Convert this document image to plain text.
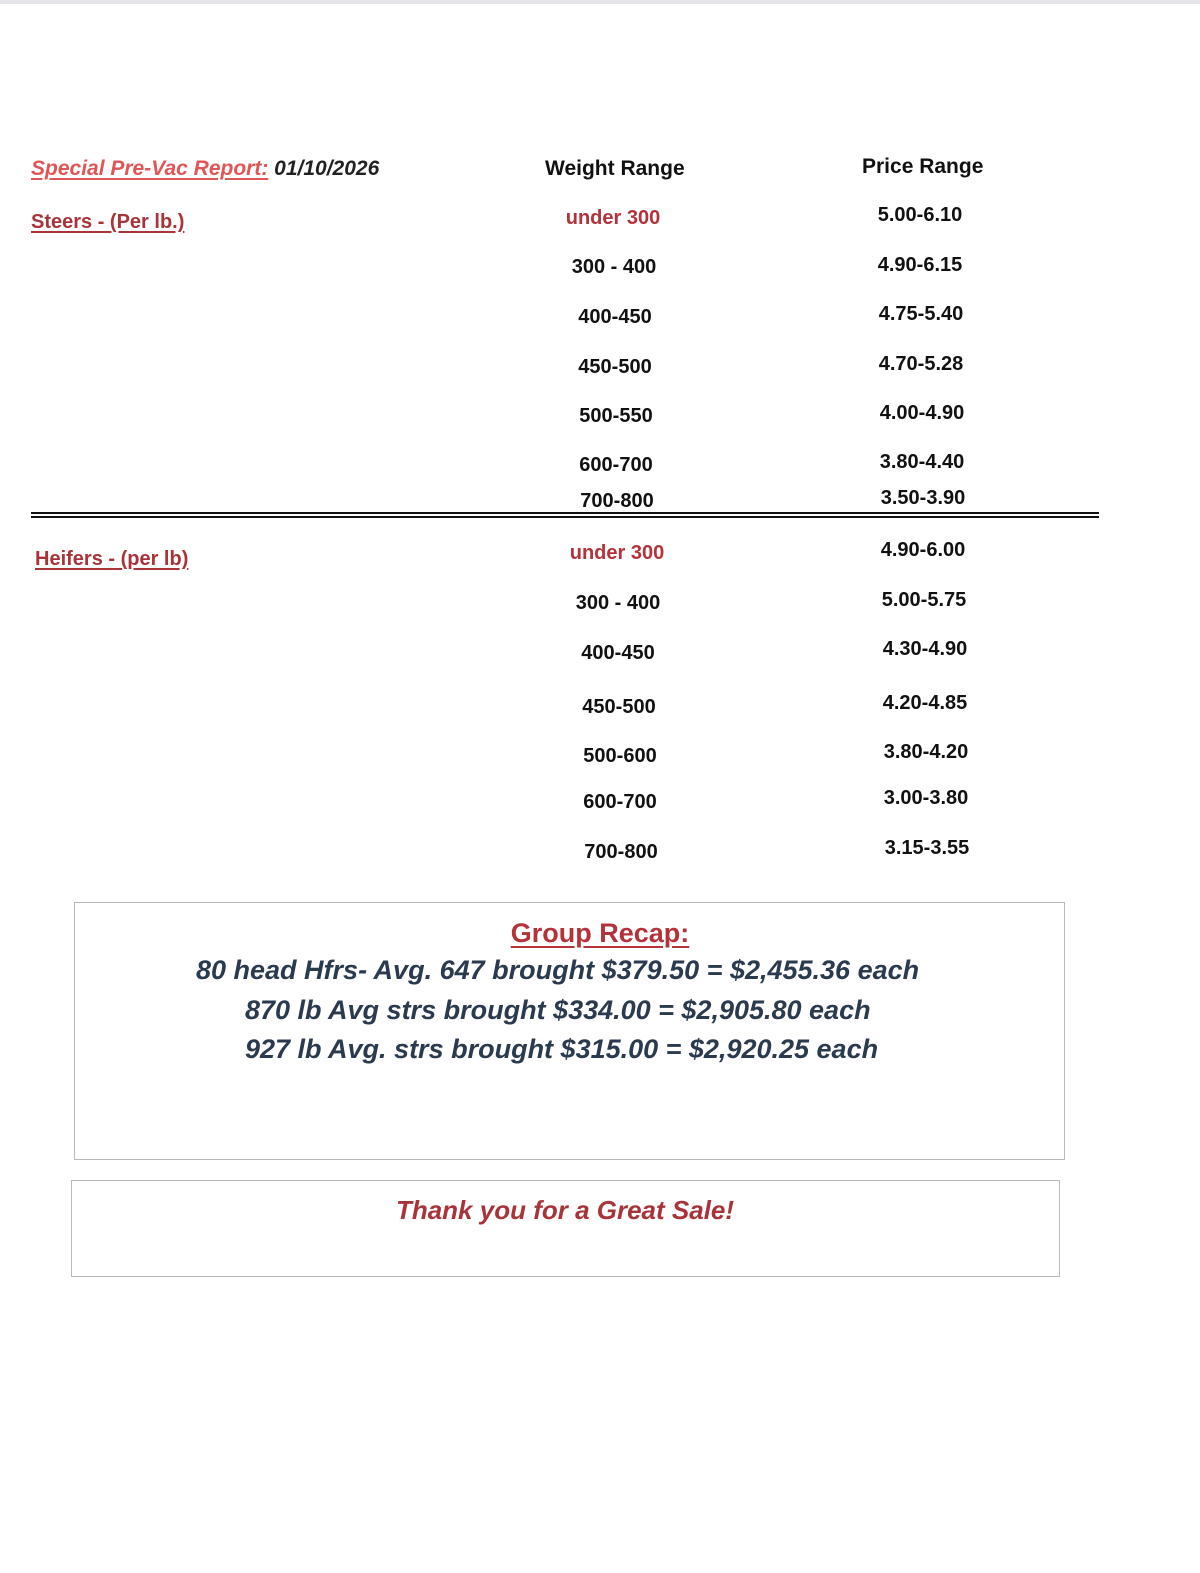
Special Pre-Vac Report: 01/10/2026	Weight Range	Price Range
Steers - (Per lb.)	under 300	5.00-6.10
300 - 400	4.90-6.15
400-450	4.75-5.40
450-500	4.70-5.28
500-550	4.00-4.90
600-700	3.80-4.40
700-800	3.50-3.90
Heifers - (per lb)	under 300	4.90-6.00
300 - 400	5.00-5.75
400-450	4.30-4.90
450-500	4.20-4.85
500-600	3.80-4.20
600-700	3.00-3.80
700-800	3.15-3.55
Group Recap:
80 head Hfrs- Avg. 647 brought $379.50 = $2,455.36 each
870 lb Avg strs brought $334.00 = $2,905.80 each
927 lb Avg. strs brought $315.00 = $2,920.25 each
Thank you for a Great Sale!
